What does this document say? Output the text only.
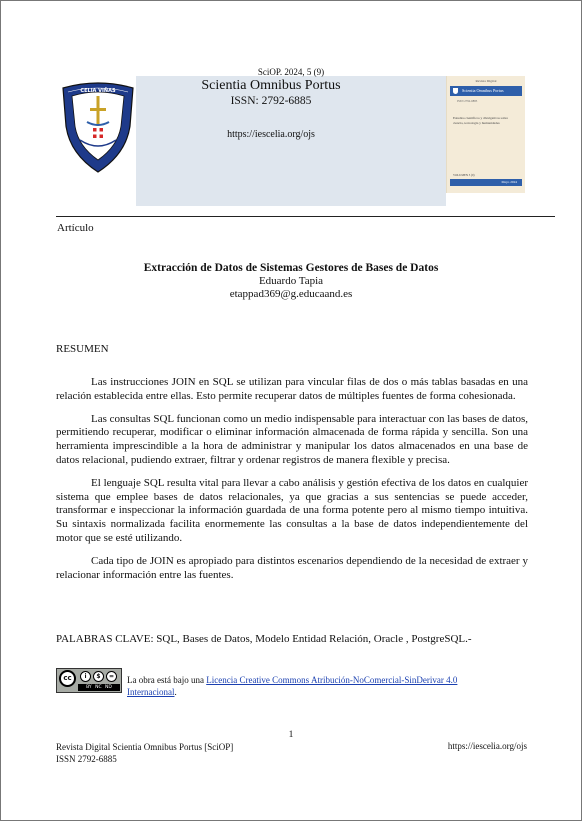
CELIA VIÑAS
SciOP. 2024, 5 (9)
Scientia Omnibus Portus
ISSN: 2792-6885
https://iescelia.org/ojs
Revista Digital
Scientia Omnibus Portus
ISSN 2792-6885
Estudios científicos y divulgativos sobre ciencia, tecnología y humanidades
VOLUMEN 5 (9)
Mayo 2024
Artículo
Extracción de Datos de Sistemas Gestores de Bases de Datos
Eduardo Tapia
etappad369@g.educaand.es
RESUMEN

Las instrucciones JOIN en SQL se utilizan para vincular filas de dos o más tablas basadas en una relación establecida entre ellas. Esto permite recuperar datos de múltiples fuentes de forma cohesionada.

Las consultas SQL funcionan como un medio indispensable para interactuar con las bases de datos, permitiendo recuperar, modificar o eliminar información almacenada de forma rápida y sencilla. Son una herramienta imprescindible a la hora de administrar y manipular los datos almacenados en una base de datos relacional, pudiendo extraer, filtrar y ordenar registros de manera flexible y precisa.

El lenguaje SQL resulta vital para llevar a cabo análisis y gestión efectiva de los datos en cualquier sistema que emplee bases de datos relacionales, ya que gracias a sus sentencias se puede acceder, transformar e inspeccionar la información guardada de una forma potente pero al mismo tiempo intuitiva. Su sintaxis normalizada facilita enormemente las consultas a la base de datos independientemente del motor que se esté utilizando.

Cada tipo de JOIN es apropiado para distintos escenarios dependiendo de la necesidad de extraer y relacionar información entre las fuentes.

PALABRAS CLAVE: SQL, Bases de Datos, Modelo Entidad Relación, Oracle , PostgreSQL.-
cc	i	$	=
BY NC ND
La obra está bajo una Licencia Creative Commons Atribución-NoComercial-SinDerivar 4.0 Internacional.
1
Revista Digital Scientia Omnibus Portus [SciOP]
ISSN 2792-6885
https://iescelia.org/ojs
